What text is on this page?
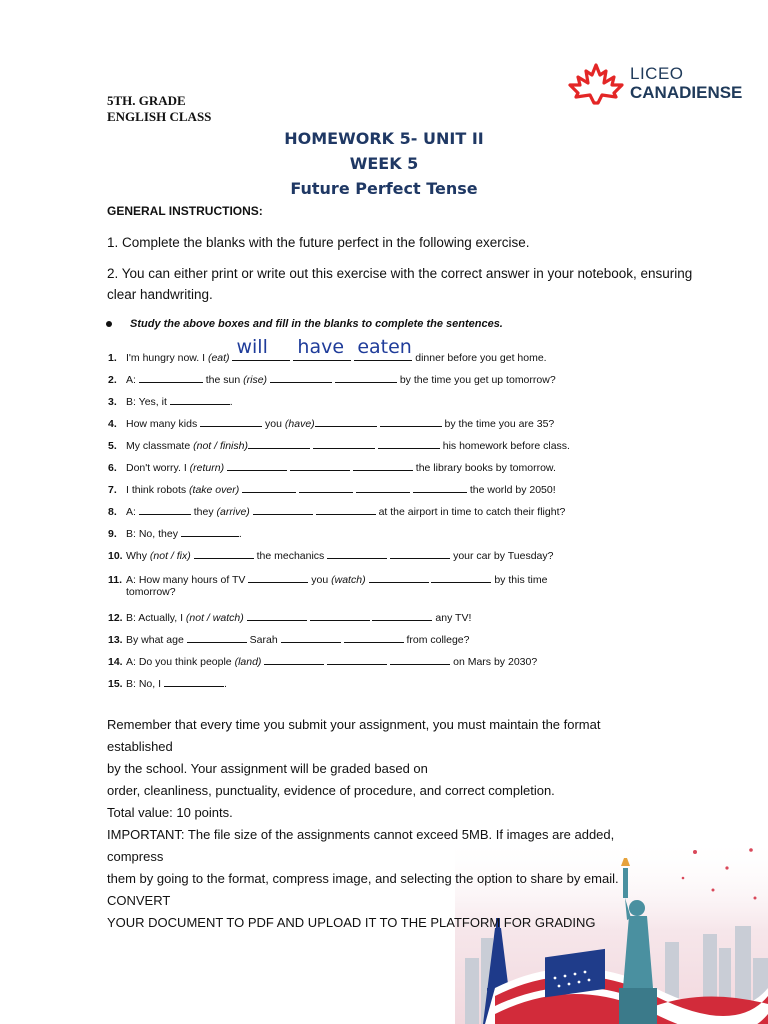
5TH. GRADE
ENGLISH CLASS
LICEO
CANADIENSE
HOMEWORK 5- UNIT II
WEEK 5
Future Perfect Tense
GENERAL INSTRUCTIONS:
1. Complete the blanks with the future perfect in the following exercise.
2. You can either print or write out this exercise with the correct answer in your notebook, ensuring clear handwriting.
Study the above boxes and fill in the blanks to complete the sentences.
1. I'm hungry now. I (eat) will
have
eaten dinner before you get home.
2. A:	the sun (rise)	by the time you get up tomorrow?
3. B: Yes, it	.
4. How many kids	you (have)	by the time you are 35?
5. My classmate (not / finish)	his homework before class.
6. Don't worry. I (return)	the library books by tomorrow.
7. I think robots (take over)	the world by 2050!
8. A:	they (arrive)	at the airport in time to catch their flight?
9. B: No, they	.
10. Why (not / fix)	the mechanics	your car by Tuesday?
11. A: How many hours of TV	you (watch)	by this time
tomorrow?
12. B: Actually, I (not / watch)	any TV!
13. By what age	Sarah	from college?
14. A: Do you think people (land)	on Mars by 2030?
15. B: No, I	.
Remember that every time you submit your assignment, you must maintain the format established
by the school. Your assignment will be graded based on
order, cleanliness, punctuality, evidence of procedure, and correct completion.
Total value: 10 points.
IMPORTANT: The file size of the assignments cannot exceed 5MB. If images are added, compress
them by going to the format, compress image, and selecting the option to share by email. CONVERT
YOUR DOCUMENT TO PDF AND UPLOAD IT TO THE PLATFORM FOR GRADING
